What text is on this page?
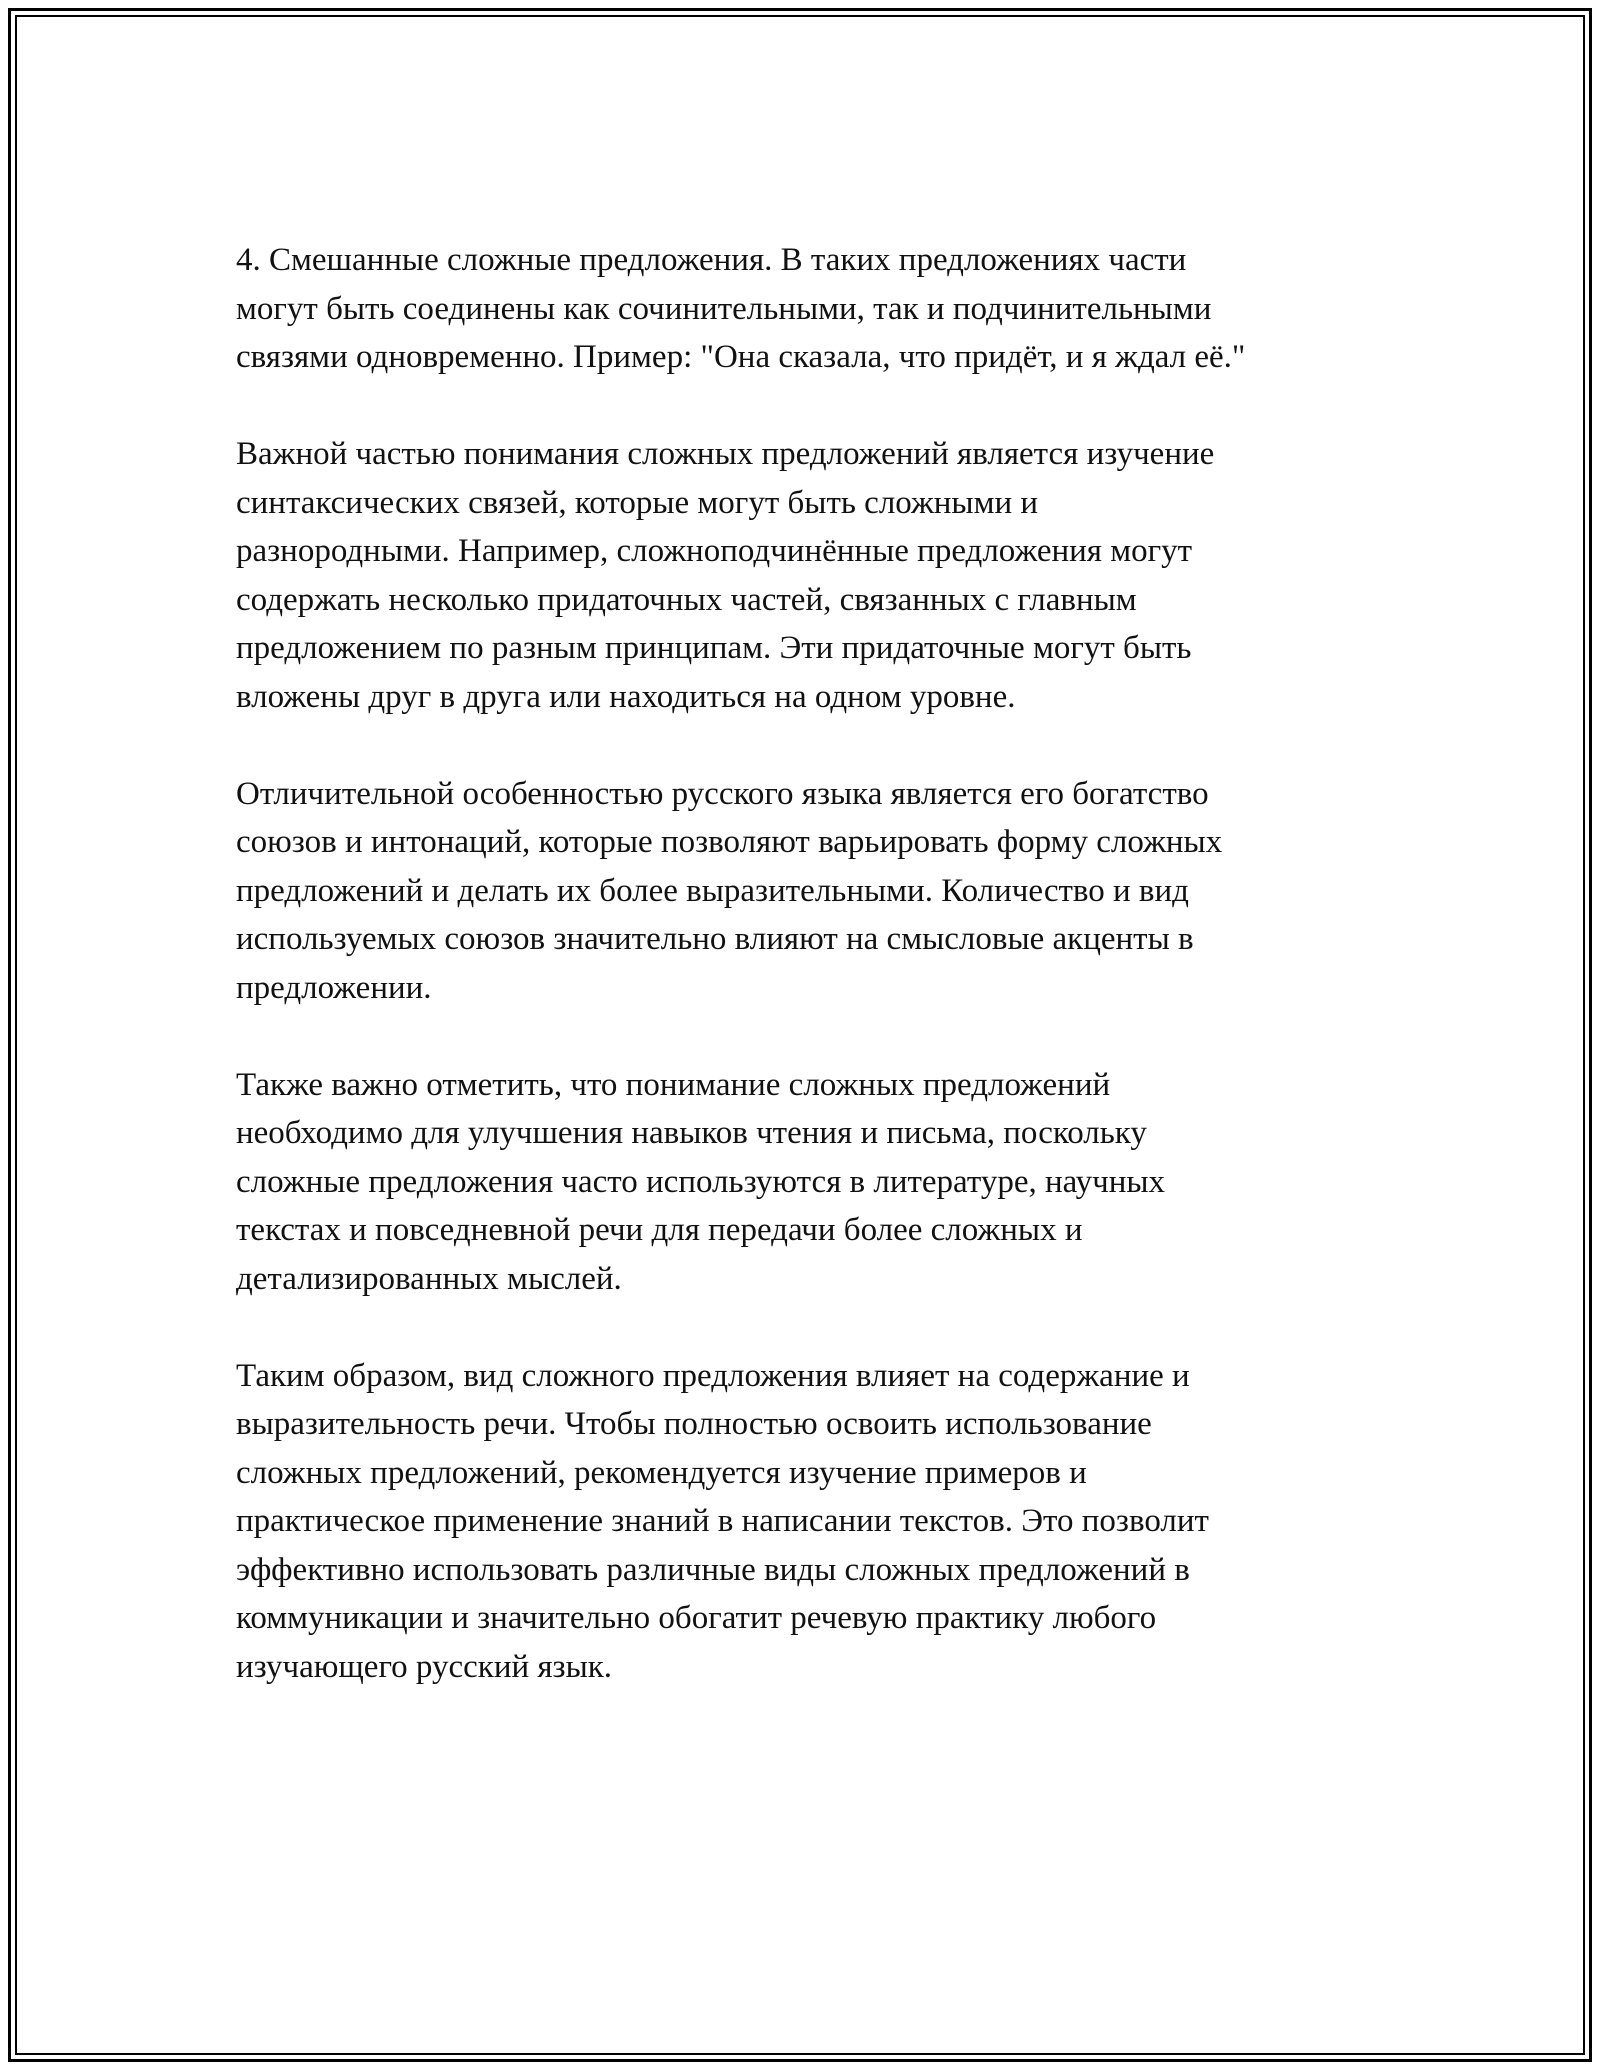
4. Смешанные сложные предложения. В таких предложениях части
могут быть соединены как сочинительными, так и подчинительными
связями одновременно. Пример: "Она сказала, что придёт, и я ждал её."

Важной частью понимания сложных предложений является изучение
синтаксических связей, которые могут быть сложными и
разнородными. Например, сложноподчинённые предложения могут
содержать несколько придаточных частей, связанных с главным
предложением по разным принципам. Эти придаточные могут быть
вложены друг в друга или находиться на одном уровне.

Отличительной особенностью русского языка является его богатство
союзов и интонаций, которые позволяют варьировать форму сложных
предложений и делать их более выразительными. Количество и вид
используемых союзов значительно влияют на смысловые акценты в
предложении.

Также важно отметить, что понимание сложных предложений
необходимо для улучшения навыков чтения и письма, поскольку
сложные предложения часто используются в литературе, научных
текстах и повседневной речи для передачи более сложных и
детализированных мыслей.

Таким образом, вид сложного предложения влияет на содержание и
выразительность речи. Чтобы полностью освоить использование
сложных предложений, рекомендуется изучение примеров и
практическое применение знаний в написании текстов. Это позволит
эффективно использовать различные виды сложных предложений в
коммуникации и значительно обогатит речевую практику любого
изучающего русский язык.
